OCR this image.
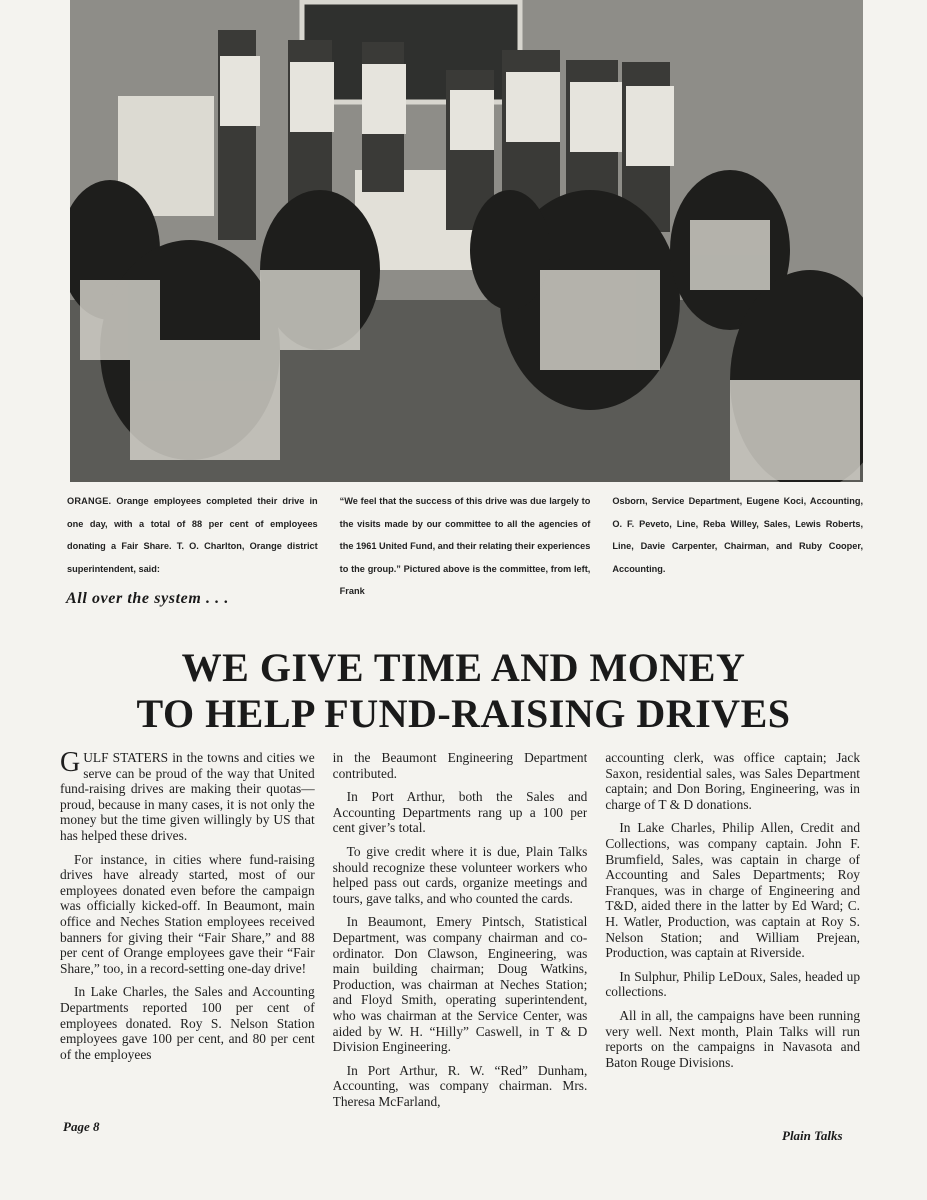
ORANGE. Orange employees completed their drive in one day, with a total of 88 per cent of employees donating a Fair Share. T. O. Charlton, Orange district superintendent, said:

“We feel that the success of this drive was due largely to the visits made by our committee to all the agencies of the 1961 United Fund, and their relating their experiences to the group.” Pictured above is the committee, from left, Frank

Osborn, Service Department, Eugene Koci, Accounting, O. F. Peveto, Line, Reba Willey, Sales, Lewis Roberts, Line, Davie Carpenter, Chairman, and Ruby Cooper, Accounting.

All over the system . . .
WE GIVE TIME AND MONEY
TO HELP FUND-RAISING DRIVES

GULF STATERS in the towns and cities we serve can be proud of the way that United fund-raising drives are making their quotas—proud, because in many cases, it is not only the money but the time given willingly by US that has helped these drives.

For instance, in cities where fund-raising drives have already started, most of our employees donated even before the campaign was officially kicked-off. In Beaumont, main office and Neches Station employees received banners for giving their “Fair Share,” and 88 per cent of Orange employees gave their “Fair Share,” too, in a record-setting one-day drive!

In Lake Charles, the Sales and Accounting Departments reported 100 per cent of employees donated. Roy S. Nelson Station employees gave 100 per cent, and 80 per cent of the employees

in the Beaumont Engineering Department contributed.

In Port Arthur, both the Sales and Accounting Departments rang up a 100 per cent giver’s total.

To give credit where it is due, Plain Talks should recognize these volunteer workers who helped pass out cards, organize meetings and tours, gave talks, and who counted the cards.

In Beaumont, Emery Pintsch, Statistical Department, was company chairman and co-ordinator. Don Clawson, Engineering, was main building chairman; Doug Watkins, Production, was chairman at Neches Station; and Floyd Smith, operating superintendent, who was chairman at the Service Center, was aided by W. H. “Hilly” Caswell, in T & D Division Engineering.

In Port Arthur, R. W. “Red” Dunham, Accounting, was company chairman. Mrs. Theresa McFarland,

accounting clerk, was office captain; Jack Saxon, residential sales, was Sales Department captain; and Don Boring, Engineering, was in charge of T & D donations.

In Lake Charles, Philip Allen, Credit and Collections, was company captain. John F. Brumfield, Sales, was captain in charge of Accounting and Sales Departments; Roy Franques, was in charge of Engineering and T&D, aided there in the latter by Ed Ward; C. H. Watler, Production, was captain at Roy S. Nelson Station; and William Prejean, Production, was captain at Riverside.

In Sulphur, Philip LeDoux, Sales, headed up collections.

All in all, the campaigns have been running very well. Next month, Plain Talks will run reports on the campaigns in Navasota and Baton Rouge Divisions.

Page 8
Plain Talks
